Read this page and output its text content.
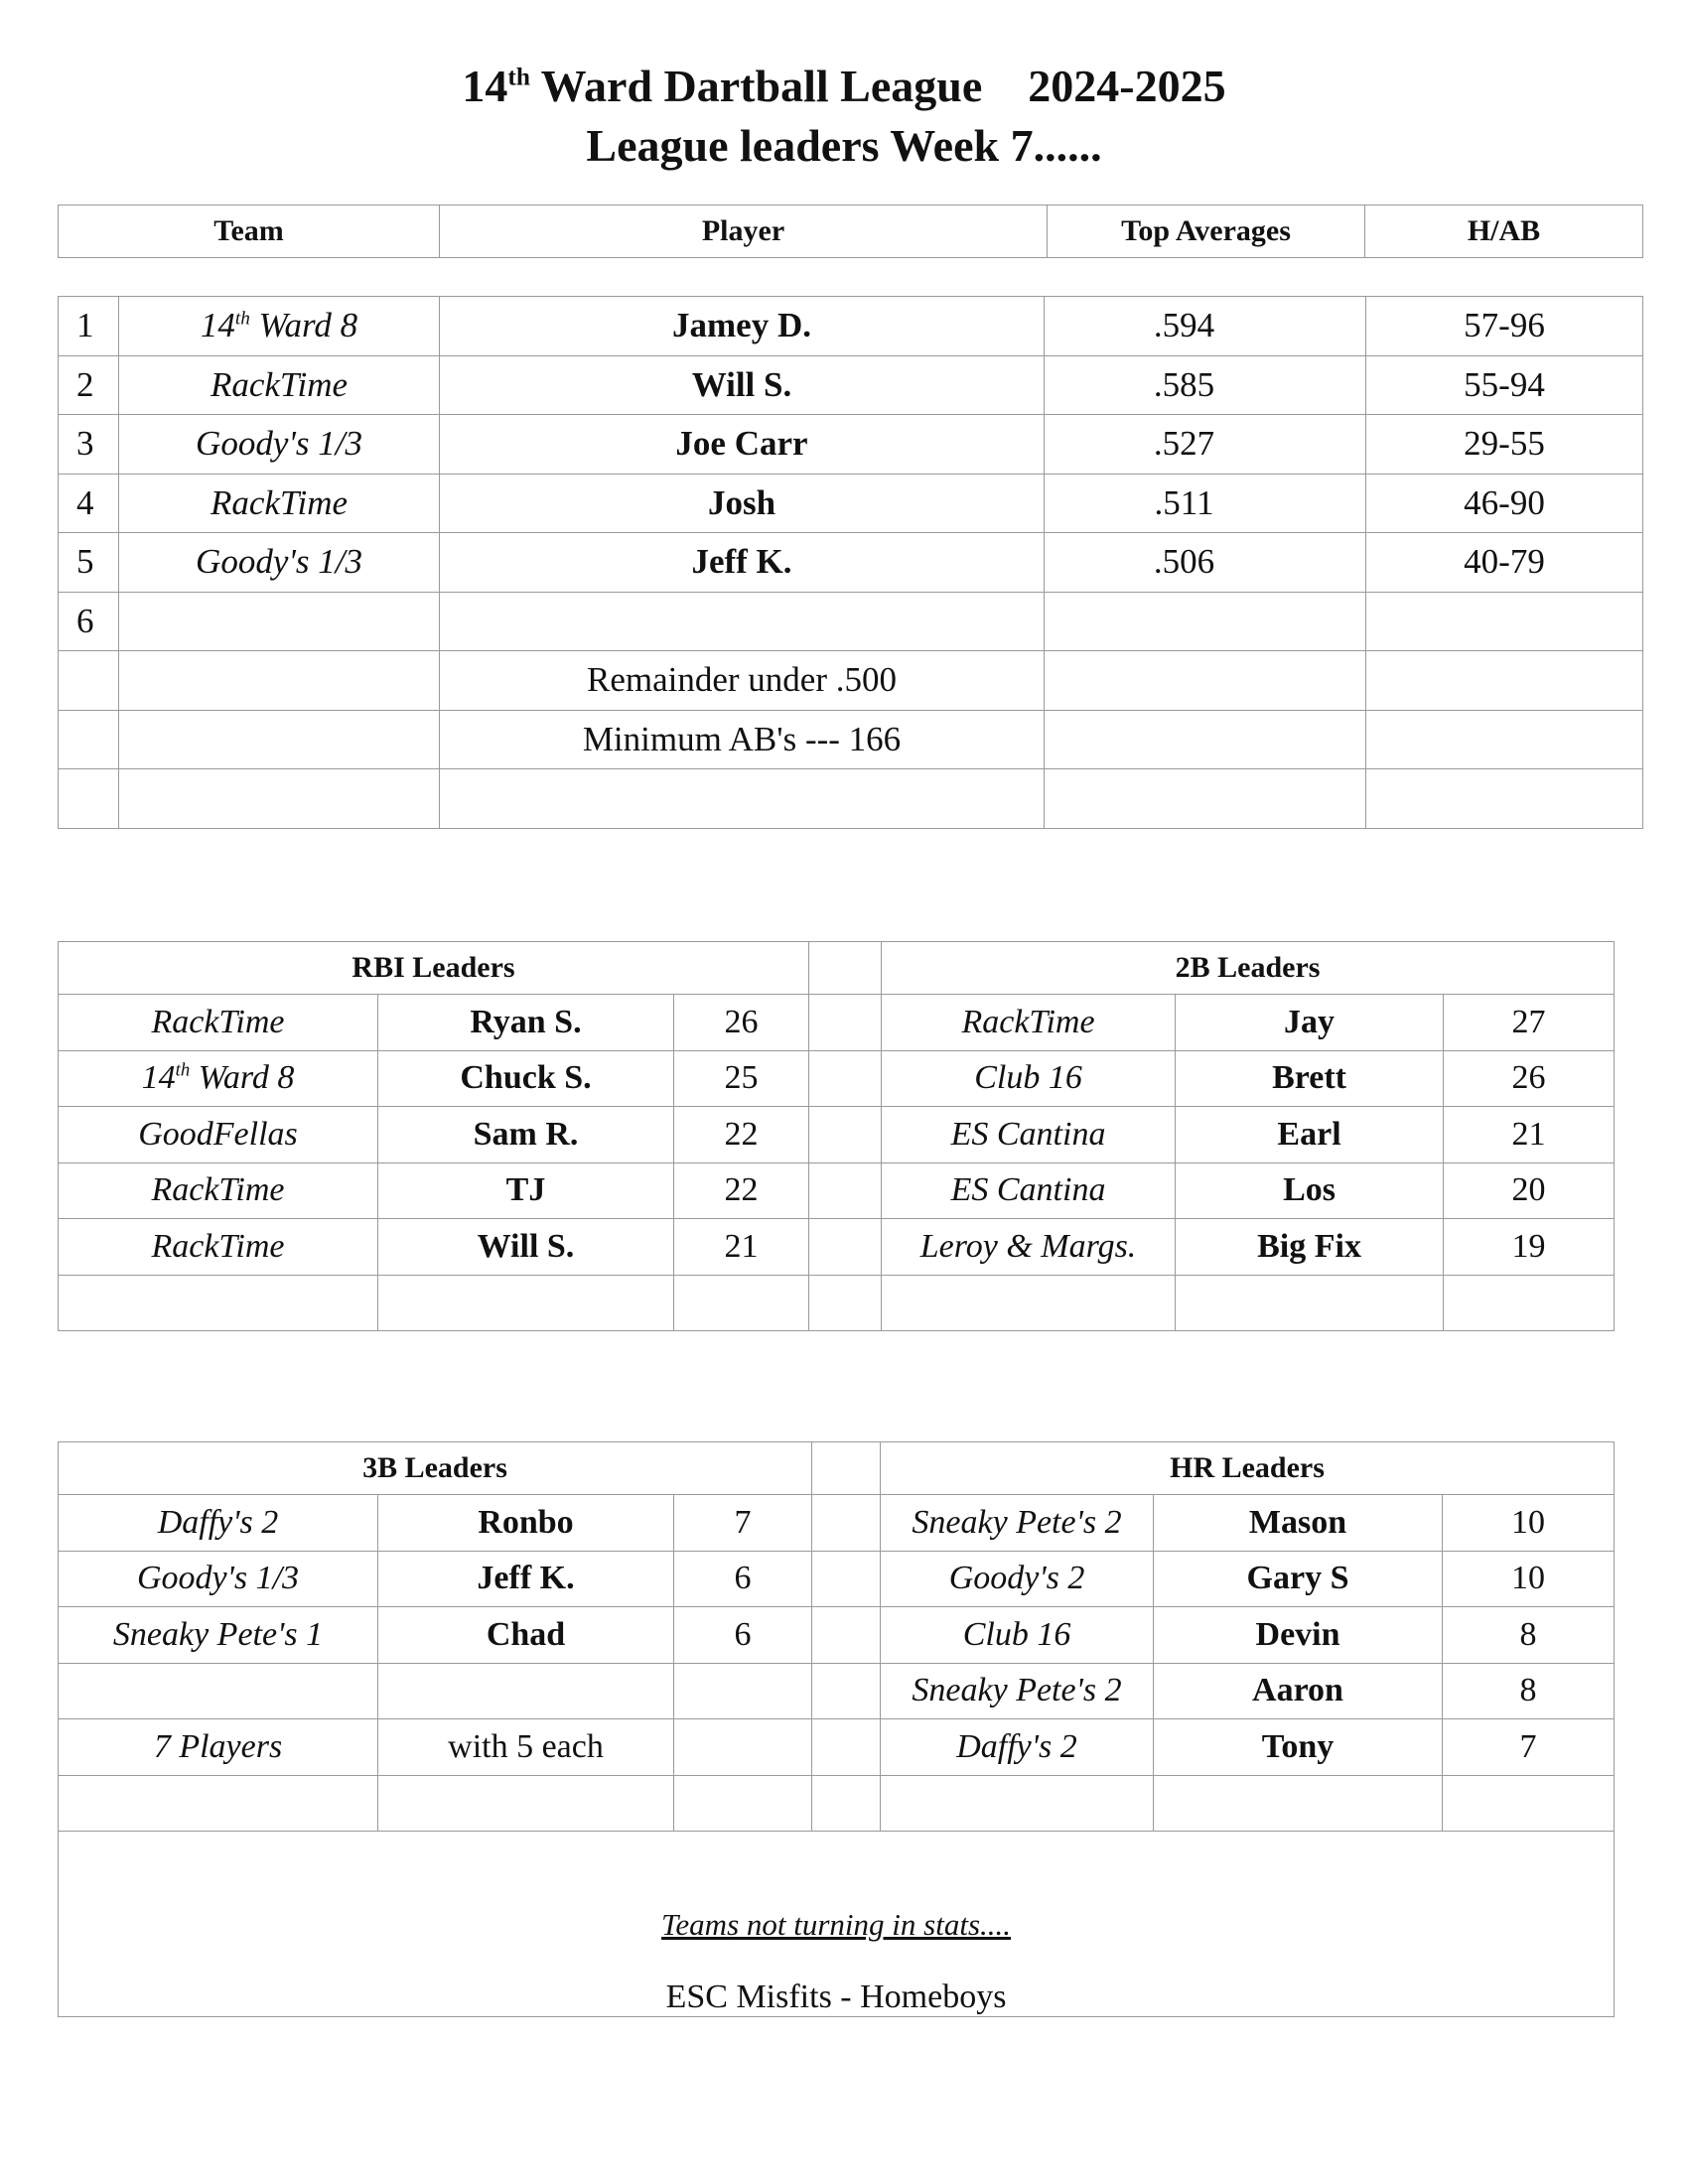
14th Ward Dartball League 2024-2025
League leaders Week 7......
Team	Player	Top Averages	H/AB
1	14th Ward 8	Jamey D.	.594	57-96
2	RackTime	Will S.	.585	55-94
3	Goody's 1/3	Joe Carr	.527	29-55
4	RackTime	Josh	.511	46-90
5	Goody's 1/3	Jeff K.	.506	40-79
6				
		Remainder under .500		
		Minimum AB's --- 166		

RBI Leaders				2B Leaders		
RackTime	Ryan S.	26		RackTime	Jay	27
14th Ward 8	Chuck S.	25		Club 16	Brett	26
GoodFellas	Sam R.	22		ES Cantina	Earl	21
RackTime	TJ	22		ES Cantina	Los	20
RackTime	Will S.	21		Leroy & Margs.	Big Fix	19

3B Leaders				HR Leaders		
Daffy's 2	Ronbo	7		Sneaky Pete's 2	Mason	10
Goody's 1/3	Jeff K.	6		Goody's 2	Gary S	10
Sneaky Pete's 1	Chad	6		Club 16	Devin	8
				Sneaky Pete's 2	Aaron	8
7 Players	with 5 each			Daffy's 2	Tony	7

Teams not turning in stats....
ESC Misfits - Homeboys						
